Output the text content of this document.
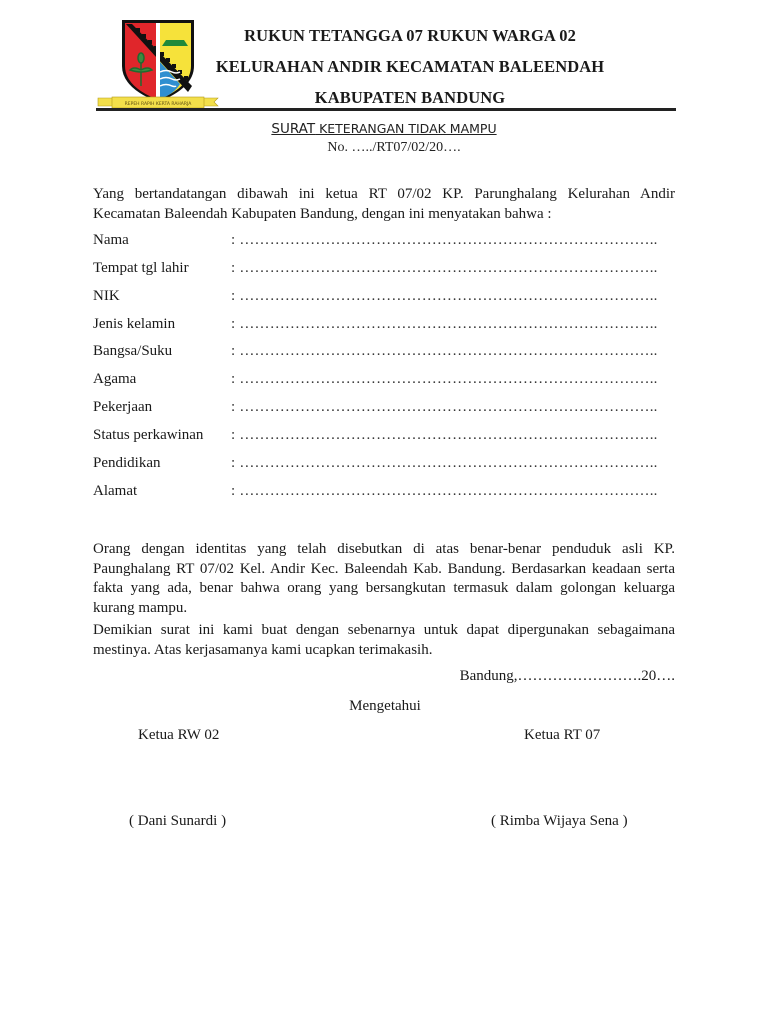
REPEH RAPIH KERTA RAHARJA
RUKUN TETANGGA 07 RUKUN WARGA 02
KELURAHAN ANDIR KECAMATAN BALEENDAH
KABUPATEN BANDUNG
SURAT KETERANGAN TIDAK MAMPU
No. …../RT07/02/20….
Yang bertandatangan dibawah ini ketua RT 07/02 KP. Parunghalang Kelurahan Andir Kecamatan Baleendah Kabupaten Bandung, dengan ini menyatakan bahwa :
Nama	: ………………………………………………………………………..
Tempat tgl lahir	: ………………………………………………………………………..
NIK	: ………………………………………………………………………..
Jenis kelamin	: ………………………………………………………………………..
Bangsa/Suku	: ………………………………………………………………………..
Agama	: ………………………………………………………………………..
Pekerjaan	: ………………………………………………………………………..
Status perkawinan : ………………………………………………………………………..
Pendidikan	: ………………………………………………………………………..
Alamat	: ………………………………………………………………………..
Orang dengan identitas yang telah disebutkan di atas benar-benar penduduk asli KP. Paunghalang RT 07/02 Kel. Andir Kec. Baleendah Kab. Bandung. Berdasarkan keadaan serta fakta yang ada, benar bahwa orang yang bersangkutan termasuk dalam golongan keluarga kurang mampu.
Demikian surat ini kami buat dengan sebenarnya untuk dapat dipergunakan sebagaimana mestinya. Atas kerjasamanya kami ucapkan terimakasih.
Bandung,…………………….20….
Mengetahui
Ketua RW 02	Ketua RT 07
( Dani Sunardi )	( Rimba Wijaya Sena )
